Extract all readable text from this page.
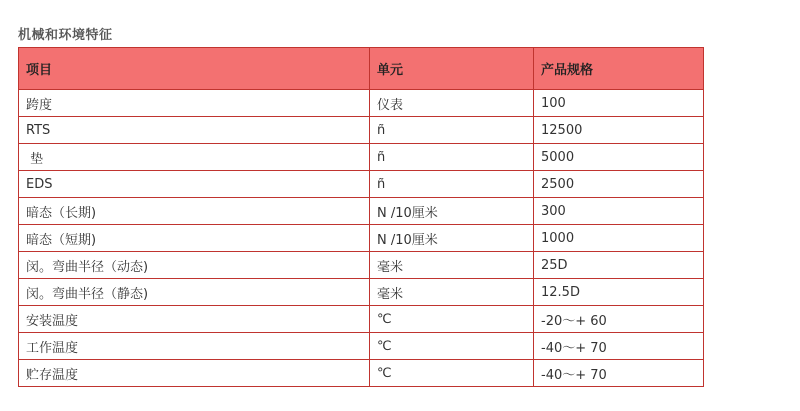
机械和环境特征
项目	单元	产品规格
跨度	仪表	100
RTS	ñ	12500
垫	ñ	5000
EDS	ñ	2500
暗态（长期)	N /10厘米	300
暗态（短期)	N /10厘米	1000
闵。弯曲半径（动态)	毫米	25D
闵。弯曲半径（静态)	毫米	12.5D
安装温度	℃	-20～+ 60
工作温度	℃	-40～+ 70
贮存温度	℃	-40～+ 70
